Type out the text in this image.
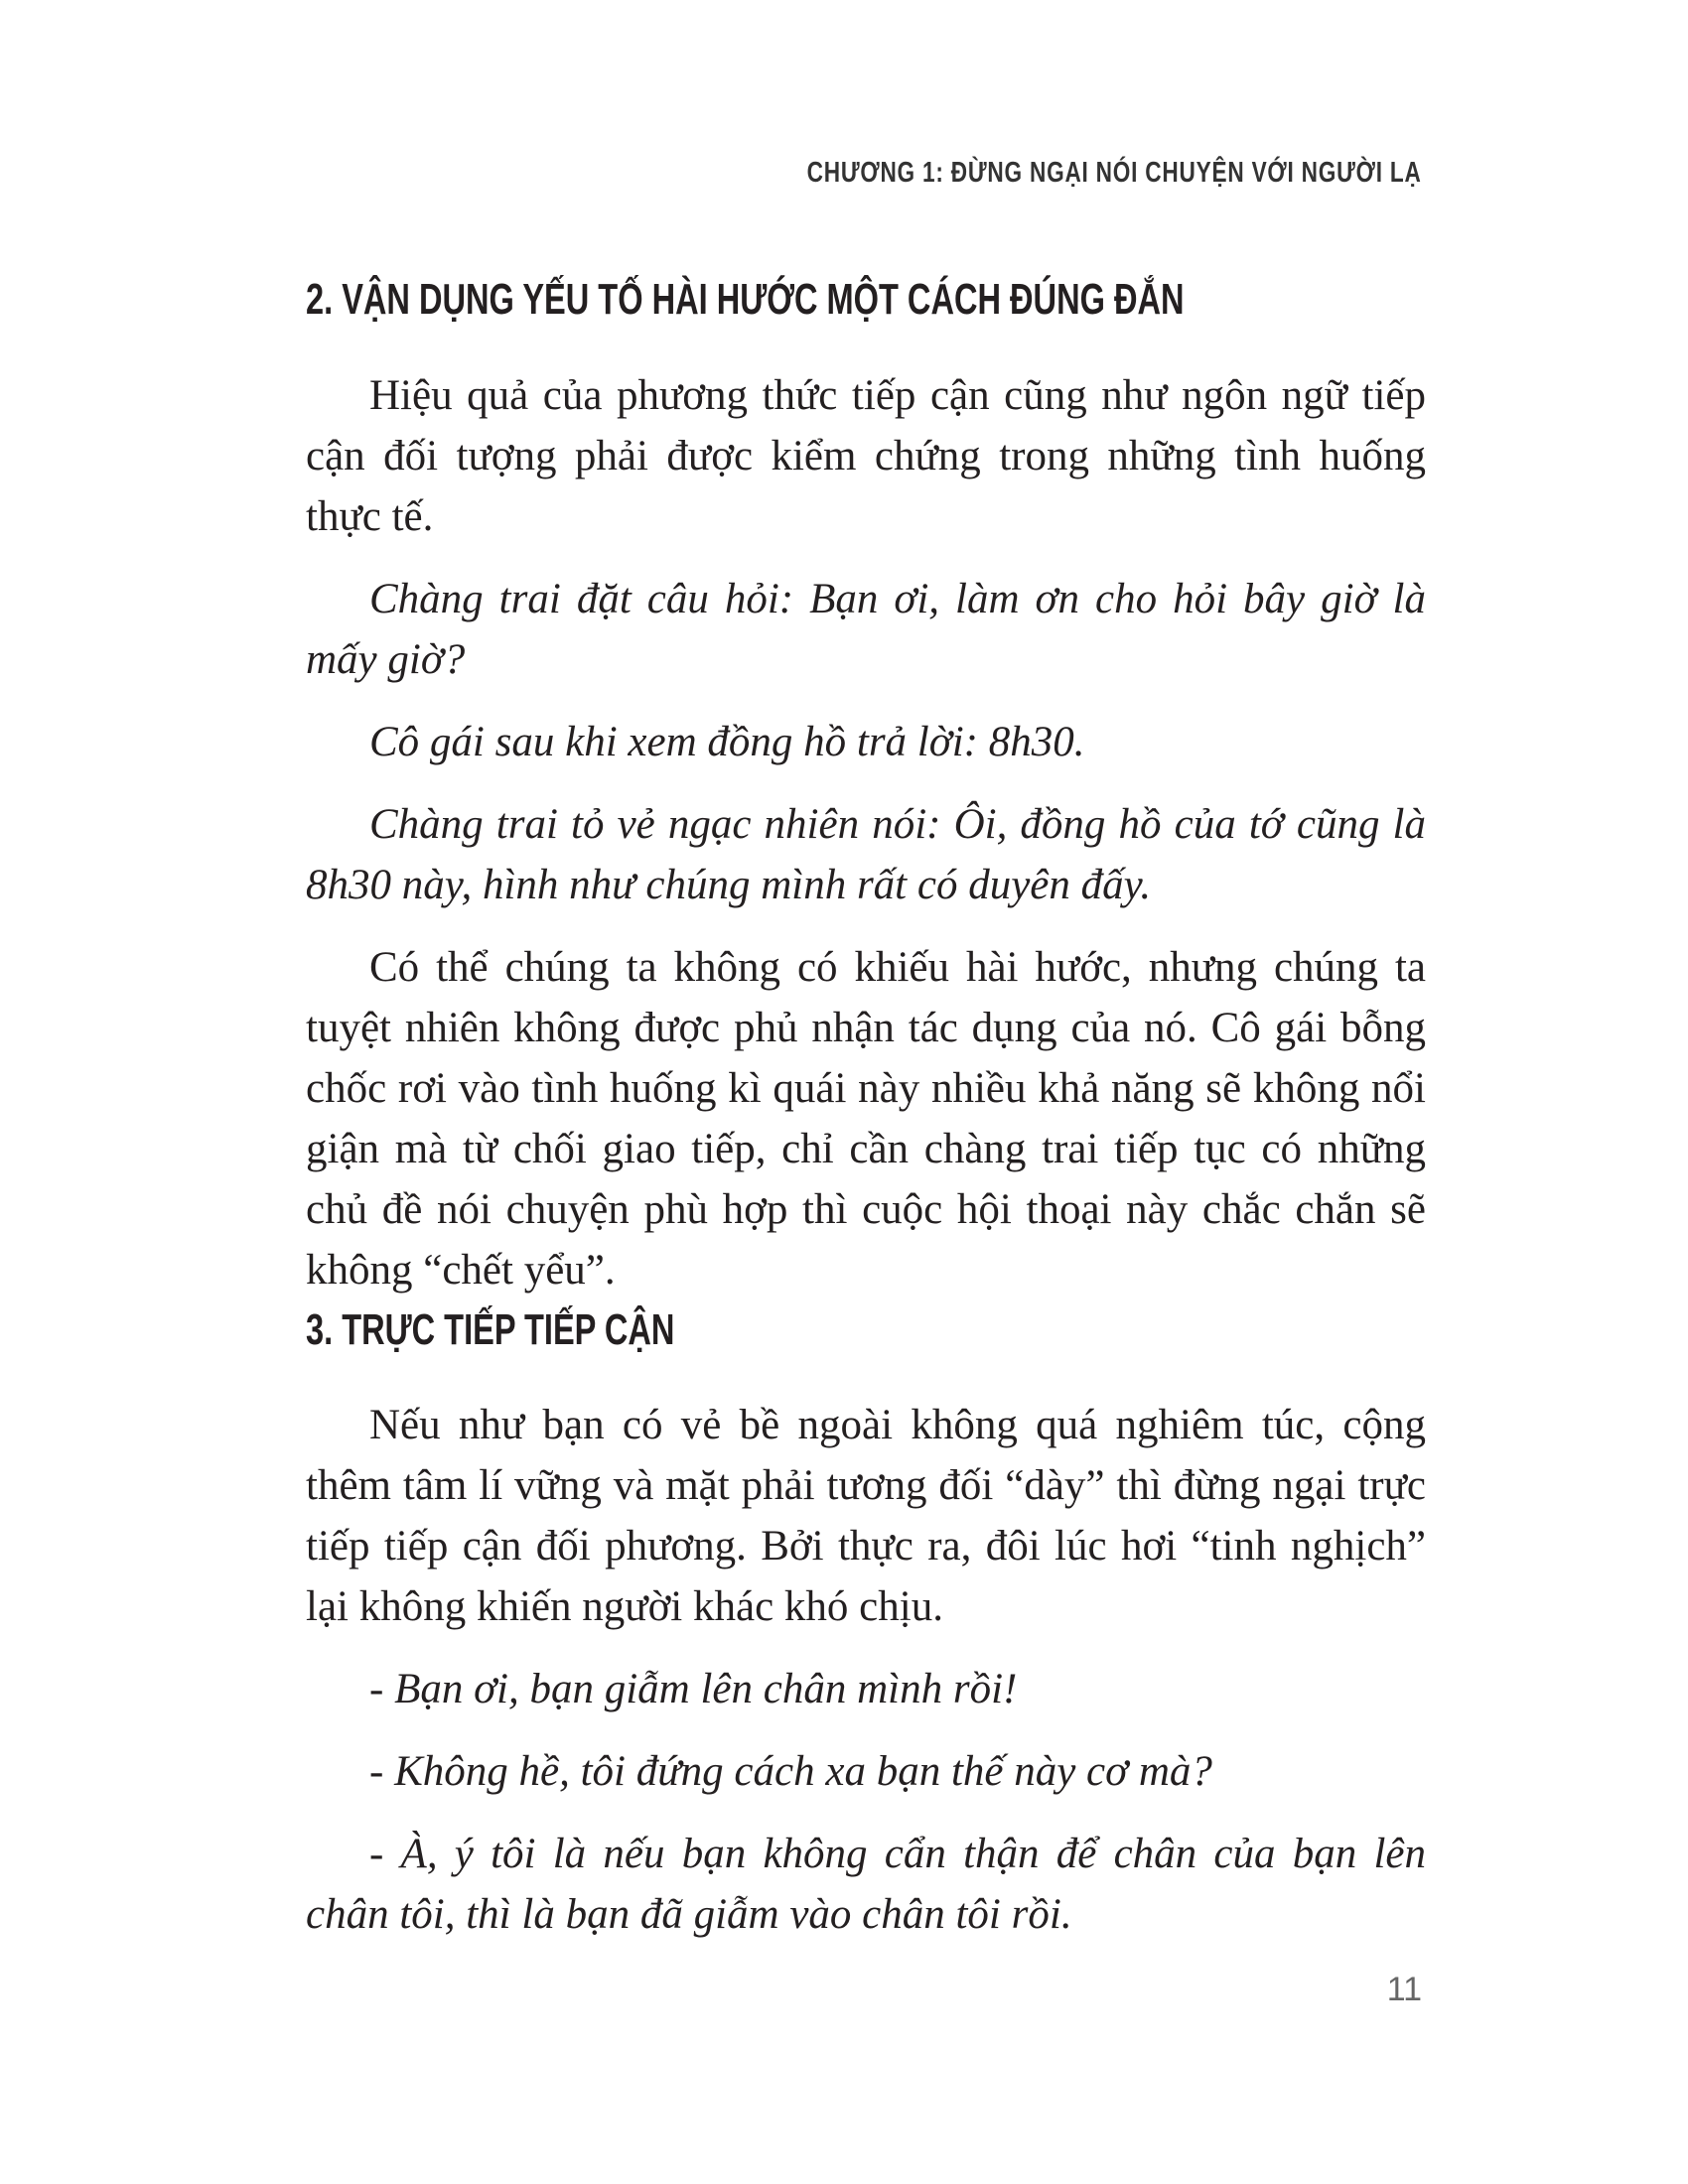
CHƯƠNG 1: ĐỪNG NGẠI NÓI CHUYỆN VỚI NGƯỜI LẠ
2. VẬN DỤNG YẾU TỐ HÀI HƯỚC MỘT CÁCH ĐÚNG ĐẮN

Hiệu quả của phương thức tiếp cận cũng như ngôn ngữ tiếp cận đối tượng phải được kiểm chứng trong những tình huống thực tế.

Chàng trai đặt câu hỏi: Bạn ơi, làm ơn cho hỏi bây giờ là mấy giờ?

Cô gái sau khi xem đồng hồ trả lời: 8h30.

Chàng trai tỏ vẻ ngạc nhiên nói: Ôi, đồng hồ của tớ cũng là 8h30 này, hình như chúng mình rất có duyên đấy.

Có thể chúng ta không có khiếu hài hước, nhưng chúng ta tuyệt nhiên không được phủ nhận tác dụng của nó. Cô gái bỗng chốc rơi vào tình huống kì quái này nhiều khả năng sẽ không nổi giận mà từ chối giao tiếp, chỉ cần chàng trai tiếp tục có những chủ đề nói chuyện phù hợp thì cuộc hội thoại này chắc chắn sẽ không “chết yểu”.

3. TRỰC TIẾP TIẾP CẬN

Nếu như bạn có vẻ bề ngoài không quá nghiêm túc, cộng thêm tâm lí vững và mặt phải tương đối “dày” thì đừng ngại trực tiếp tiếp cận đối phương. Bởi thực ra, đôi lúc hơi “tinh nghịch” lại không khiến người khác khó chịu.

- Bạn ơi, bạn giẫm lên chân mình rồi!

- Không hề, tôi đứng cách xa bạn thế này cơ mà?

- À, ý tôi là nếu bạn không cẩn thận để chân của bạn lên chân tôi, thì là bạn đã giẫm vào chân tôi rồi.

11
